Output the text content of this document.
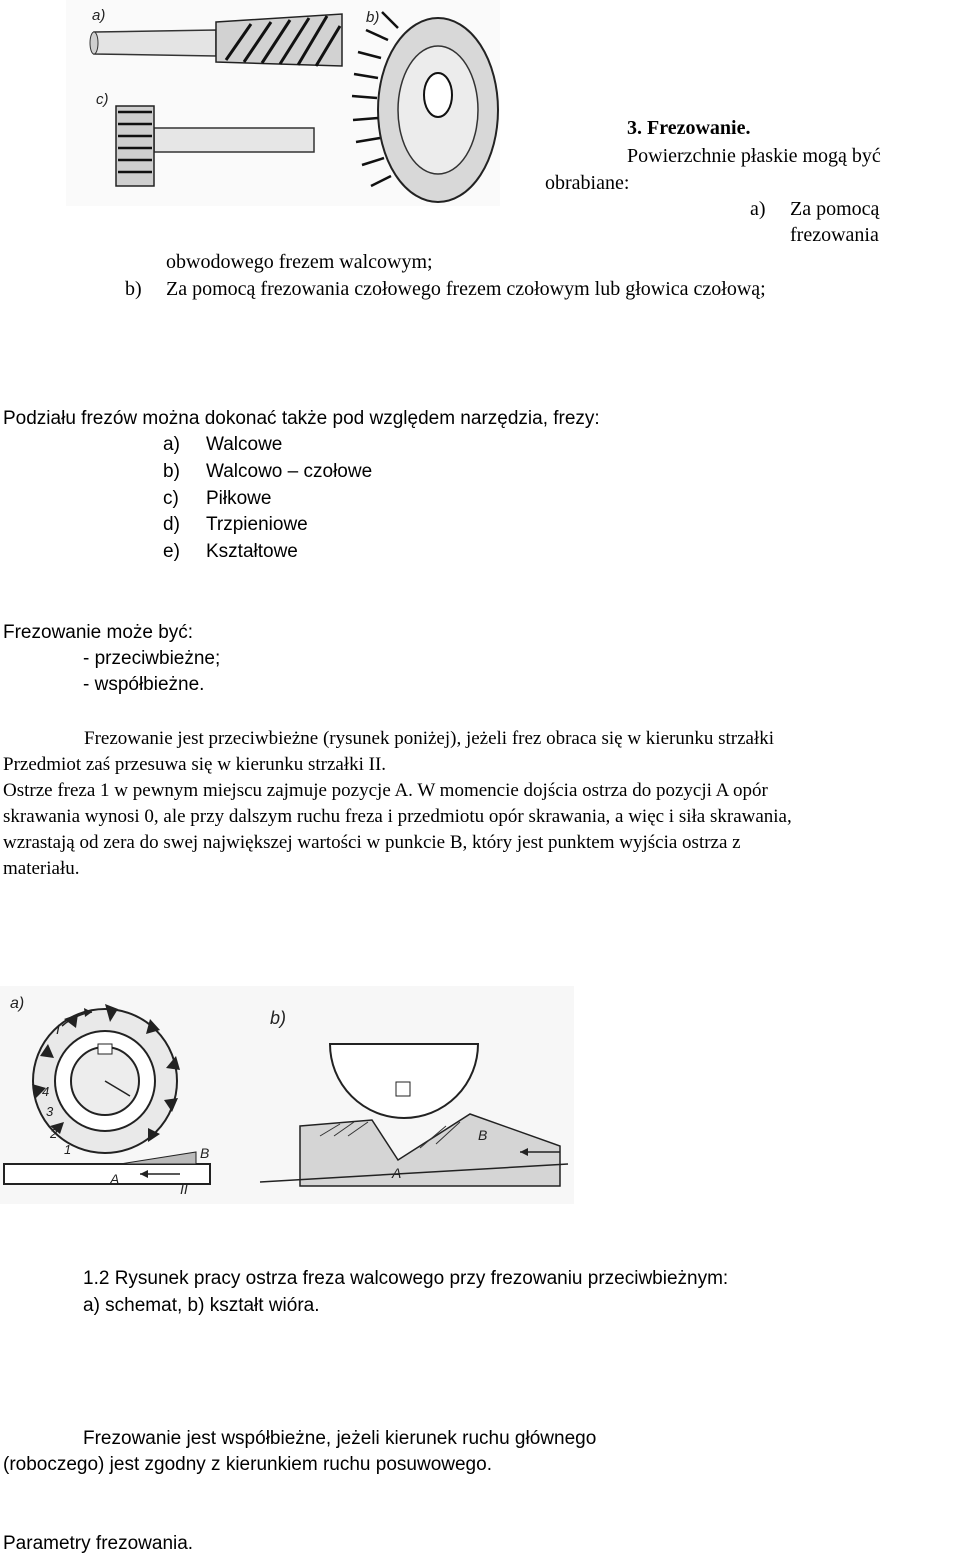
a)	b)
c)
3. Frezowanie.
Powierzchnie płaskie mogą być
obrabiane:
a) Za pomocą
frezowania
obwodowego frezem walcowym;
b) Za pomocą frezowania czołowego frezem czołowym lub głowica czołową;
Podziału frezów można dokonać także pod względem narzędzia, frezy:
a) Walcowe
b) Walcowo – czołowe
c) Piłkowe
d) Trzpieniowe
e) Kształtowe
Frezowanie może być:
- przeciwbieżne;
- współbieżne.
Frezowanie jest przeciwbieżne (rysunek poniżej), jeżeli frez obraca się w kierunku strzałki
Przedmiot zaś przesuwa się w kierunku strzałki II.
Ostrze freza 1 w pewnym miejscu zajmuje pozycje A. W momencie dojścia ostrza do pozycji A opór
skrawania wynosi 0, ale przy dalszym ruchu freza i przedmiotu opór skrawania, a więc i siła skrawania,
wzrastają od zera do swej największej wartości w punkcie B, który jest punktem wyjścia ostrza z
materiału.
a)
b)
I
II
A
B
A
B
1
2
3
4
1.2 Rysunek pracy ostrza freza walcowego przy frezowaniu przeciwbieżnym:
a) schemat, b) kształt wióra.
Frezowanie jest współbieżne, jeżeli kierunek ruchu głównego
(roboczego) jest zgodny z kierunkiem ruchu posuwowego.
Parametry frezowania.
